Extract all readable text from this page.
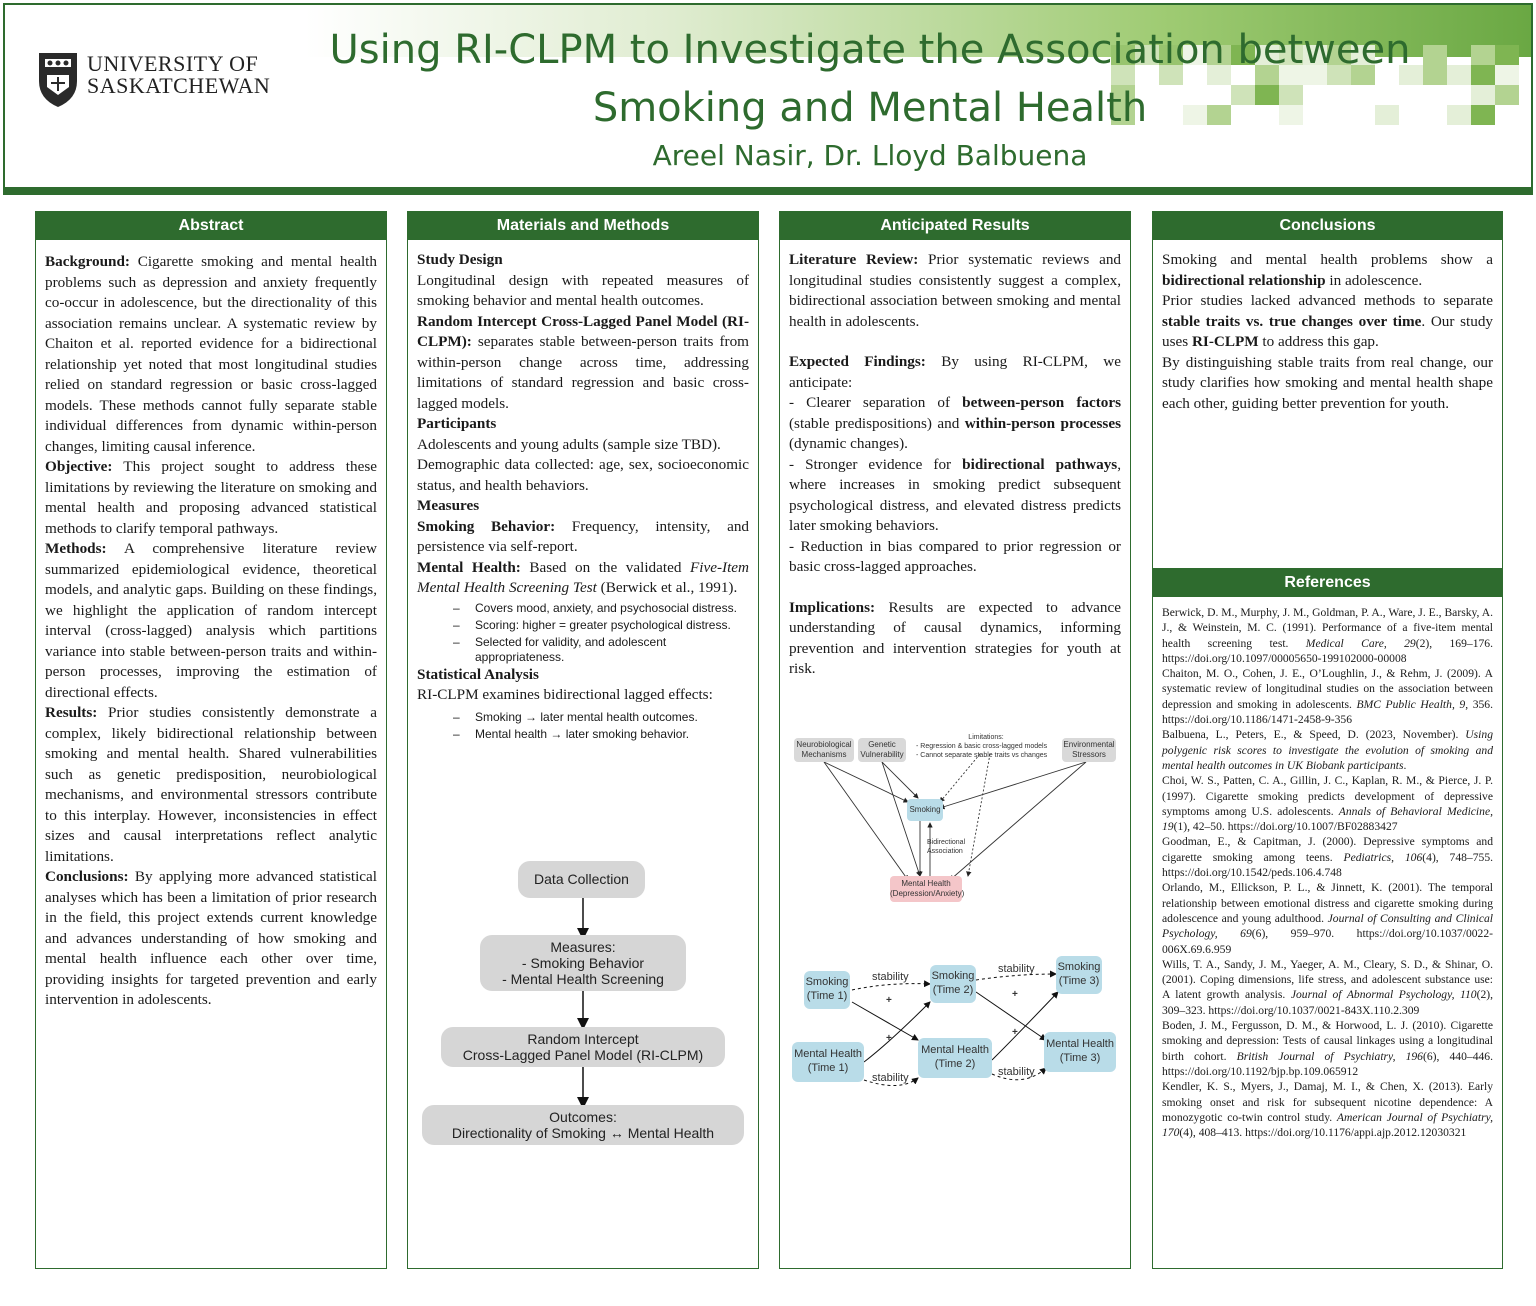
UNIVERSITY OF
SASKATCHEWAN
Using RI-CLPM to Investigate the Association between
Smoking and Mental Health
Areel Nasir, Dr. Lloyd Balbuena
Abstract

Background: Cigarette smoking and mental health problems such as depression and anxiety frequently co-occur in adolescence, but the directionality of this association remains unclear. A systematic review by Chaiton et al. reported evidence for a bidirectional relationship yet noted that most longitudinal studies relied on standard regression or basic cross-lagged models. These methods cannot fully separate stable individual differences from dynamic within-person changes, limiting causal inference.

Objective: This project sought to address these limitations by reviewing the literature on smoking and mental health and proposing advanced statistical methods to clarify temporal pathways.

Methods: A comprehensive literature review summarized epidemiological evidence, theoretical models, and analytic gaps. Building on these findings, we highlight the application of random intercept interval (cross-lagged) analysis which partitions variance into stable between-person traits and within-person processes, improving the estimation of directional effects.

Results: Prior studies consistently demonstrate a complex, likely bidirectional relationship between smoking and mental health. Shared vulnerabilities such as genetic predisposition, neurobiological mechanisms, and environmental stressors contribute to this interplay. However, inconsistencies in effect sizes and causal interpretations reflect analytic limitations.

Conclusions: By applying more advanced statistical analyses which has been a limitation of prior research in the field, this project extends current knowledge and advances understanding of how smoking and mental health influence each other over time, providing insights for targeted prevention and early intervention in adolescents.

Materials and Methods

Study Design

Longitudinal design with repeated measures of smoking behavior and mental health outcomes.

Random Intercept Cross-Lagged Panel Model (RI-CLPM): separates stable between-person traits from within-person change across time, addressing limitations of standard regression and basic cross-lagged models.

Participants

Adolescents and young adults (sample size TBD).

Demographic data collected: age, sex, socioeconomic status, and health behaviors.

Measures

Smoking Behavior: Frequency, intensity, and persistence via self-report.

Mental Health: Based on the validated Five-Item Mental Health Screening Test (Berwick et al., 1991).

– Covers mood, anxiety, and psychosocial distress.
– Scoring: higher = greater psychological distress.
– Selected for validity, and adolescent appropriateness.

Statistical Analysis

RI-CLPM examines bidirectional lagged effects:

– Smoking → later mental health outcomes.
– Mental health → later smoking behavior.
Data Collection
Measures:
- Smoking Behavior
- Mental Health Screening
Random Intercept
Cross-Lagged Panel Model (RI-CLPM)
Outcomes:
Directionality of Smoking ↔ Mental Health
Anticipated Results

Literature Review: Prior systematic reviews and longitudinal studies consistently suggest a complex, bidirectional association between smoking and mental health in adolescents.

Expected Findings: By using RI-CLPM, we anticipate:

- Clearer separation of between-person factors (stable predispositions) and within-person processes (dynamic changes).

- Stronger evidence for bidirectional pathways, where increases in smoking predict subsequent psychological distress, and elevated distress predicts later smoking behaviors.

- Reduction in bias compared to prior regression or basic cross-lagged approaches.

Implications: Results are expected to advance understanding of causal dynamics, informing prevention and intervention strategies for youth at risk.

Neurobiological
Mechanisms
Genetic
Vulnerability
Limitations:
- Regression & basic cross-lagged models
- Cannot separate stable traits vs changes
Environmental
Stressors
Smoking
Bidirectional
Association
Mental Health
(Depression/Anxiety)
Smoking
(Time 1)
Smoking
(Time 2)
Smoking
(Time 3)
Mental Health
(Time 1)
Mental Health
(Time 2)
Mental Health
(Time 3)
stability
stability
stability	stability
+
+
+
+
Conclusions

Smoking and mental health problems show a bidirectional relationship in adolescence.

Prior studies lacked advanced methods to separate stable traits vs. true changes over time. Our study uses RI-CLPM to address this gap.

By distinguishing stable traits from real change, our study clarifies how smoking and mental health shape each other, guiding better prevention for youth.

References

Berwick, D. M., Murphy, J. M., Goldman, P. A., Ware, J. E., Barsky, A. J., & Weinstein, M. C. (1991). Performance of a five-item mental health screening test. Medical Care, 29(2), 169–176. https://doi.org/10.1097/00005650-199102000-00008

Chaiton, M. O., Cohen, J. E., O’Loughlin, J., & Rehm, J. (2009). A systematic review of longitudinal studies on the association between depression and smoking in adolescents. BMC Public Health, 9, 356. https://doi.org/10.1186/1471-2458-9-356

Balbuena, L., Peters, E., & Speed, D. (2023, November). Using polygenic risk scores to investigate the evolution of smoking and mental health outcomes in UK Biobank participants.

Choi, W. S., Patten, C. A., Gillin, J. C., Kaplan, R. M., & Pierce, J. P. (1997). Cigarette smoking predicts development of depressive symptoms among U.S. adolescents. Annals of Behavioral Medicine, 19(1), 42–50. https://doi.org/10.1007/BF02883427

Goodman, E., & Capitman, J. (2000). Depressive symptoms and cigarette smoking among teens. Pediatrics, 106(4), 748–755. https://doi.org/10.1542/peds.106.4.748

Orlando, M., Ellickson, P. L., & Jinnett, K. (2001). The temporal relationship between emotional distress and cigarette smoking during adolescence and young adulthood. Journal of Consulting and Clinical Psychology, 69(6), 959–970. https://doi.org/10.1037/0022-006X.69.6.959

Wills, T. A., Sandy, J. M., Yaeger, A. M., Cleary, S. D., & Shinar, O. (2001). Coping dimensions, life stress, and adolescent substance use: A latent growth analysis. Journal of Abnormal Psychology, 110(2), 309–323. https://doi.org/10.1037/0021-843X.110.2.309

Boden, J. M., Fergusson, D. M., & Horwood, L. J. (2010). Cigarette smoking and depression: Tests of causal linkages using a longitudinal birth cohort. British Journal of Psychiatry, 196(6), 440–446. https://doi.org/10.1192/bjp.bp.109.065912

Kendler, K. S., Myers, J., Damaj, M. I., & Chen, X. (2013). Early smoking onset and risk for subsequent nicotine dependence: A monozygotic co-twin control study. American Journal of Psychiatry, 170(4), 408–413. https://doi.org/10.1176/appi.ajp.2012.12030321
